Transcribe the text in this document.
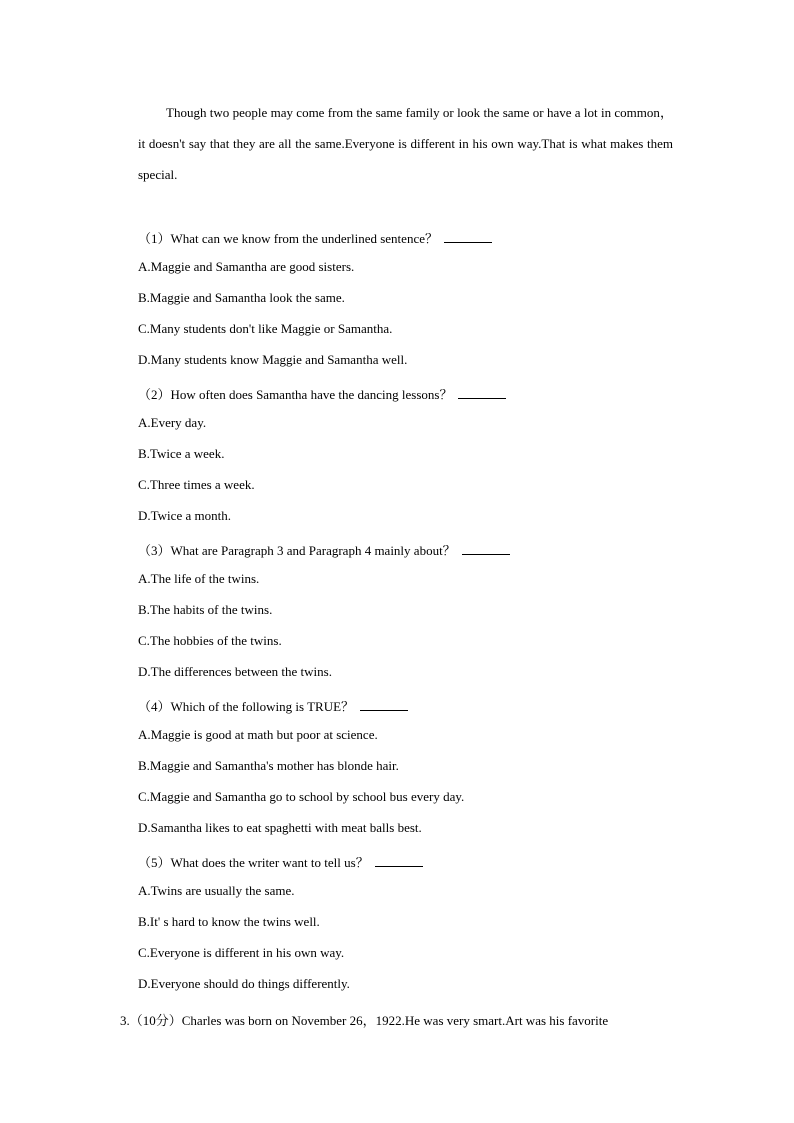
Though two people may come from the same family or look the same or have a lot in common，it doesn't say that they are all the same.Everyone is different in his own way.That is what makes them special.

（1）What can we know from the underlined sentence？
A.Maggie and Samantha are good sisters.
B.Maggie and Samantha look the same.
C.Many students don't like Maggie or Samantha.
D.Many students know Maggie and Samantha well.
（2）How often does Samantha have the dancing lessons？
A.Every day.
B.Twice a week.
C.Three times a week.
D.Twice a month.
（3）What are Paragraph 3 and Paragraph 4 mainly about？
A.The life of the twins.
B.The habits of the twins.
C.The hobbies of the twins.
D.The differences between the twins.
（4）Which of the following is TRUE？
A.Maggie is good at math but poor at science.
B.Maggie and Samantha's mother has blonde hair.
C.Maggie and Samantha go to school by school bus every day.
D.Samantha likes to eat spaghetti with meat balls best.
（5）What does the writer want to tell us？
A.Twins are usually the same.
B.It' s hard to know the twins well.
C.Everyone is different in his own way.
D.Everyone should do things differently.
3.（10分）Charles was born on November 26，1922.He was very smart.Art was his favorite
